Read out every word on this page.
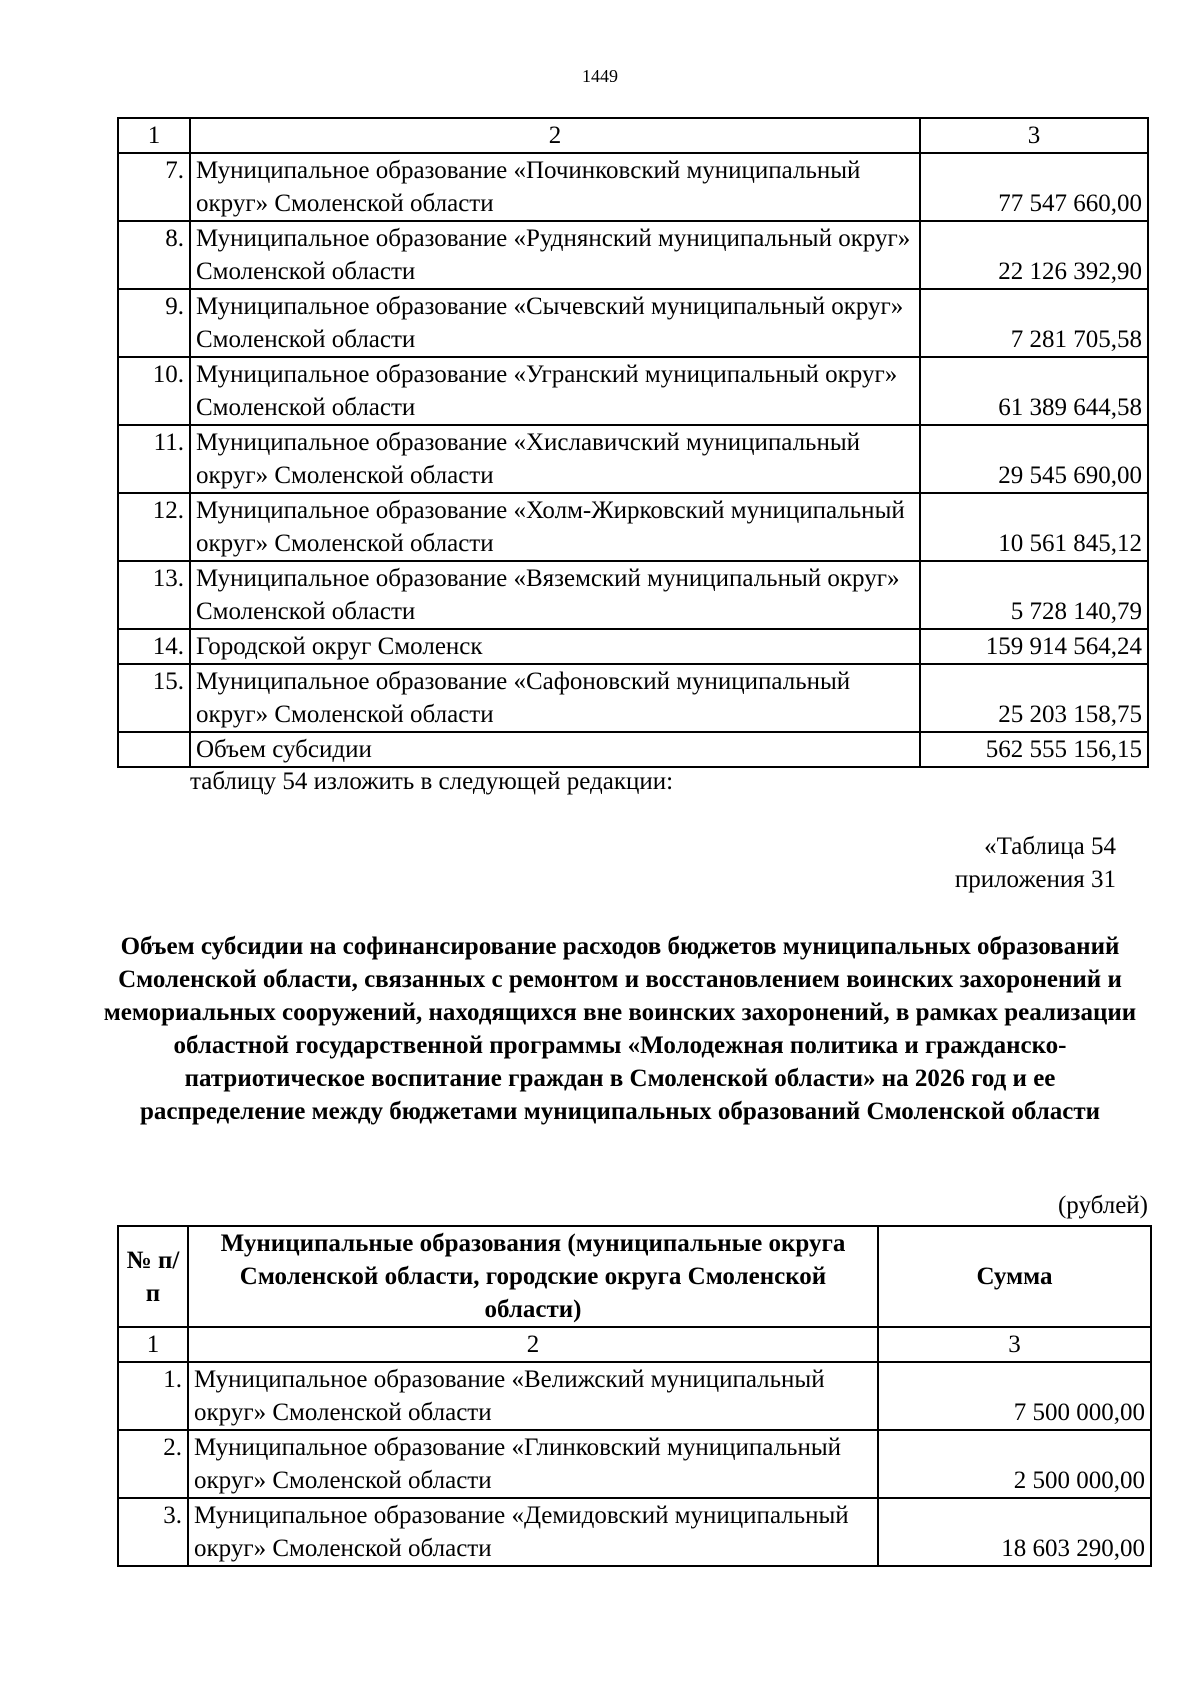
1449
1	2	3
7.	Муниципальное образование «Починковский муниципальный округ» Смоленской области	77 547 660,00
8.	Муниципальное образование «Руднянский муниципальный округ» Смоленской области	22 126 392,90
9.	Муниципальное образование «Сычевский муниципальный округ» Смоленской области	7 281 705,58
10.	Муниципальное образование «Угранский муниципальный округ» Смоленской области	61 389 644,58
11.	Муниципальное образование «Хиславичский муниципальный округ» Смоленской области	29 545 690,00
12.	Муниципальное образование «Холм-Жирковский муниципальный округ» Смоленской области	10 561 845,12
13.	Муниципальное образование «Вяземский муниципальный округ» Смоленской области	5 728 140,79
14.	Городской округ Смоленск	159 914 564,24
15.	Муниципальное образование «Сафоновский муниципальный округ» Смоленской области	25 203 158,75
	Объем субсидии	562 555 156,15
таблицу 54 изложить в следующей редакции:
«Таблица 54
приложения 31
Объем субсидии на софинансирование расходов бюджетов муниципальных образований Смоленской области, связанных с ремонтом и восстановлением воинских захоронений и мемориальных сооружений, находящихся вне воинских захоронений, в рамках реализации областной государственной программы «Молодежная политика и гражданско-патриотическое воспитание граждан в Смоленской области» на 2026 год и ее распределение между бюджетами муниципальных образований Смоленской области
(рублей)
№ п/п	Муниципальные образования (муниципальные округа Смоленской области, городские округа Смоленской области)	Сумма
1	2	3
1.	Муниципальное образование «Велижский муниципальный округ» Смоленской области	7 500 000,00
2.	Муниципальное образование «Глинковский муниципальный округ» Смоленской области	2 500 000,00
3.	Муниципальное образование «Демидовский муниципальный округ» Смоленской области	18 603 290,00
